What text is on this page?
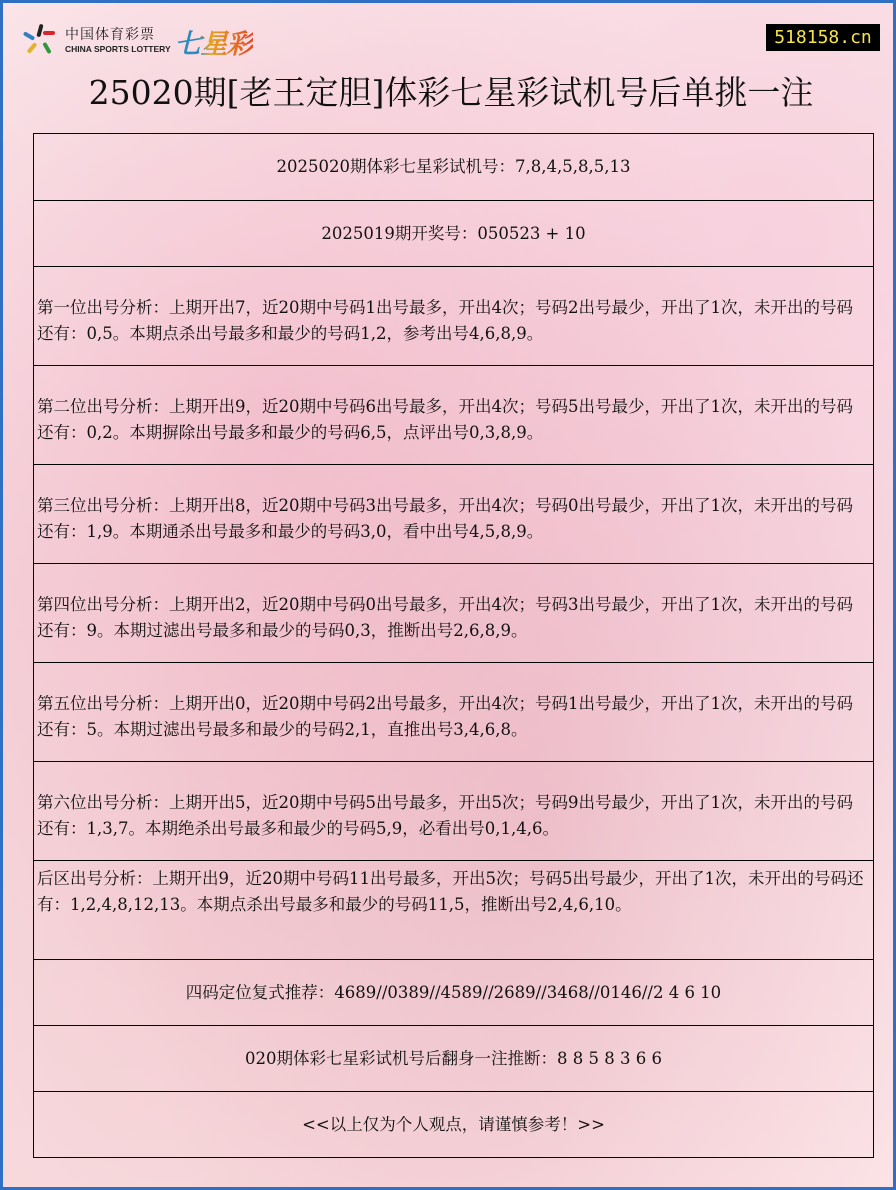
中国体育彩票
CHINA SPORTS LOTTERY 七星彩	518158.cn
25020期[老王定胆]体彩七星彩试机号后单挑一注
2025020期体彩七星彩试机号：7,8,4,5,8,5,13
2025019期开奖号：050523 + 10
第一位出号分析：上期开出7，近20期中号码1出号最多，开出4次；号码2出号最少，开出了1次，未开出的号码还有：0,5。本期点杀出号最多和最少的号码1,2，参考出号4,6,8,9。
第二位出号分析：上期开出9，近20期中号码6出号最多，开出4次；号码5出号最少，开出了1次，未开出的号码还有：0,2。本期摒除出号最多和最少的号码6,5，点评出号0,3,8,9。
第三位出号分析：上期开出8，近20期中号码3出号最多，开出4次；号码0出号最少，开出了1次，未开出的号码还有：1,9。本期通杀出号最多和最少的号码3,0，看中出号4,5,8,9。
第四位出号分析：上期开出2，近20期中号码0出号最多，开出4次；号码3出号最少，开出了1次，未开出的号码还有：9。本期过滤出号最多和最少的号码0,3，推断出号2,6,8,9。
第五位出号分析：上期开出0，近20期中号码2出号最多，开出4次；号码1出号最少，开出了1次，未开出的号码还有：5。本期过滤出号最多和最少的号码2,1，直推出号3,4,6,8。
第六位出号分析：上期开出5，近20期中号码5出号最多，开出5次；号码9出号最少，开出了1次，未开出的号码还有：1,3,7。本期绝杀出号最多和最少的号码5,9，必看出号0,1,4,6。
后区出号分析：上期开出9，近20期中号码11出号最多，开出5次；号码5出号最少，开出了1次，未开出的号码还有：1,2,4,8,12,13。本期点杀出号最多和最少的号码11,5，推断出号2,4,6,10。
四码定位复式推荐：4689//0389//4589//2689//3468//0146//2 4 6 10
020期体彩七星彩试机号后翻身一注推断：8 8 5 8 3 6 6
<<以上仅为个人观点，请谨慎参考！>>
